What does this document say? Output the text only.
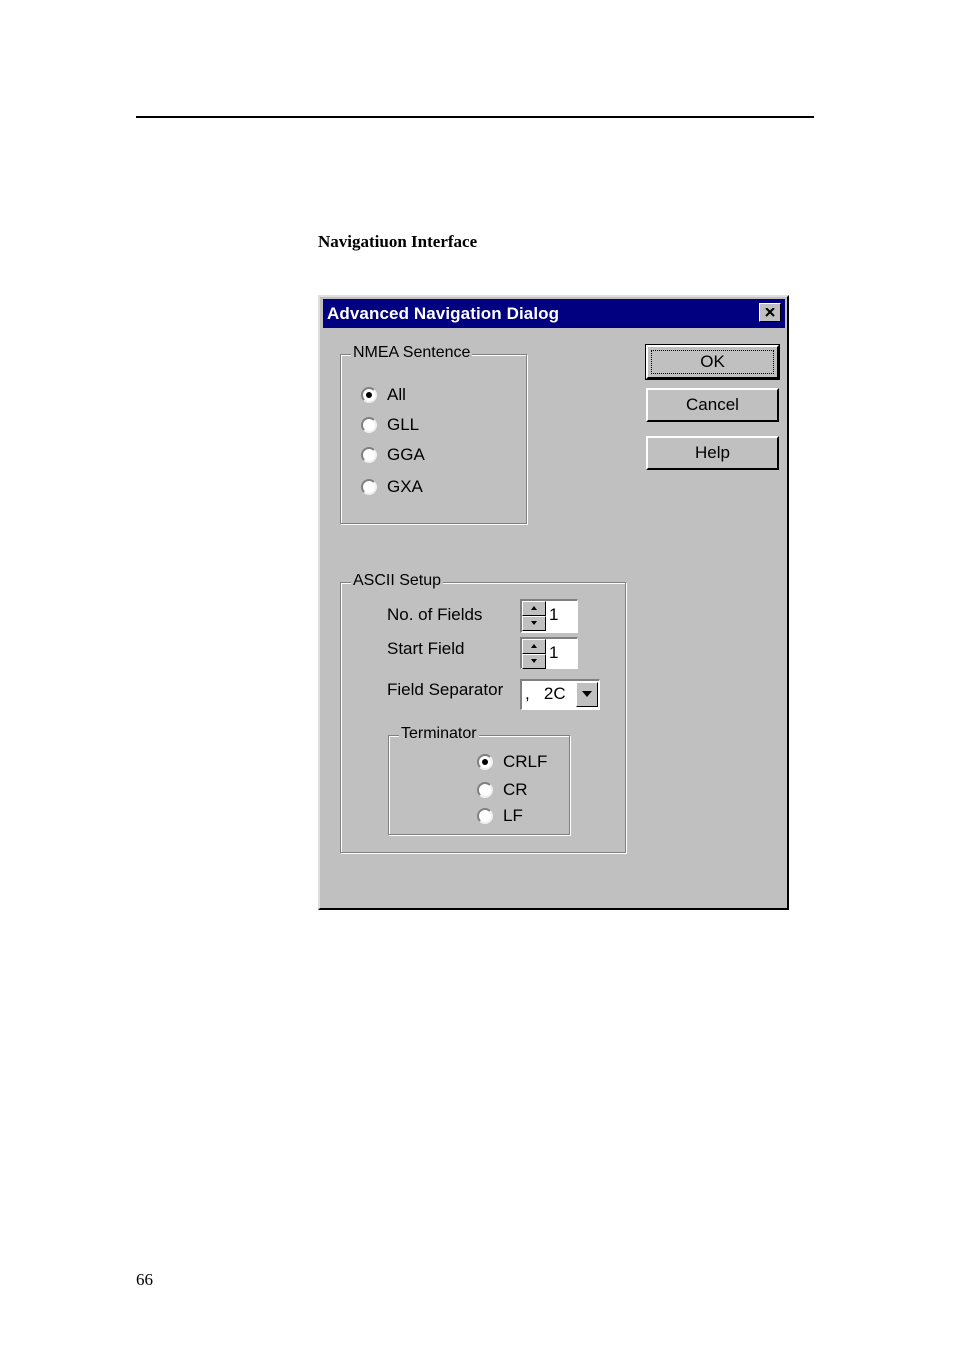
Navigatiuon Interface
Advanced Navigation Dialog
NMEA Sentence
All
GLL
GGA
GXA
OK
Cancel
Help
ASCII Setup
No. of Fields	1
Start Field	1
Field Separator ,   2C
Terminator
CRLF
CR
LF
66
